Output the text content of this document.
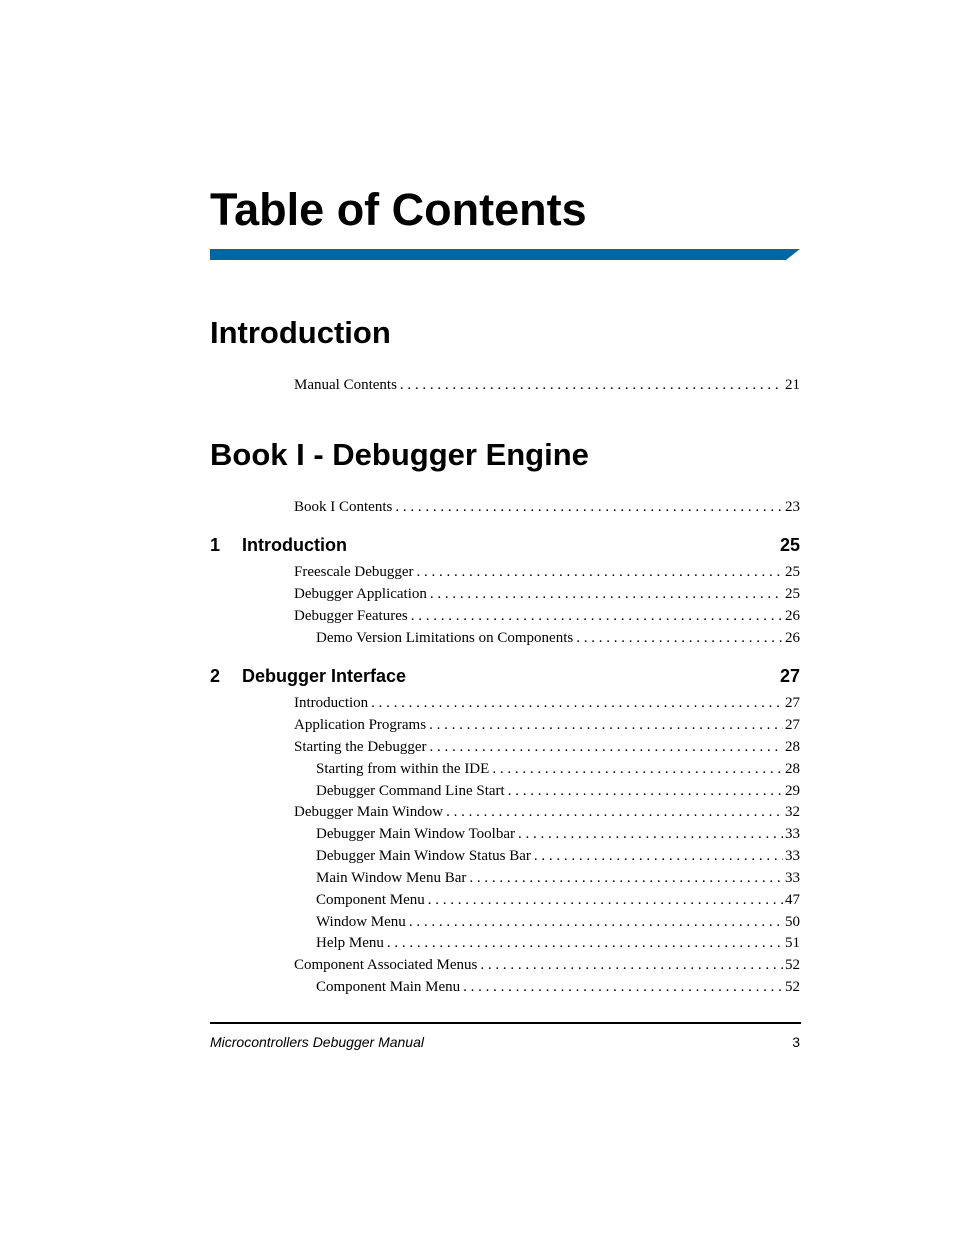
Table of Contents
Introduction
Manual Contents . . .	21
Book I - Debugger Engine
Book I Contents . . .	23
1 Introduction	25
Freescale Debugger . . .	25
Debugger Application . . .	25
Debugger Features . . .	26
Demo Version Limitations on Components . . .	26
2 Debugger Interface	27
Introduction . . .	27
Application Programs . . .	27
Starting the Debugger . . .	28
Starting from within the IDE . . .	28
Debugger Command Line Start . . .	29
Debugger Main Window . . .	32
Debugger Main Window Toolbar . . .	33
Debugger Main Window Status Bar . . .	33
Main Window Menu Bar . . .	33
Component Menu . . .	47
Window Menu . . .	50
Help Menu . . .	51
Component Associated Menus . . .	52
Component Main Menu . . .	52
Microcontrollers Debugger Manual	3
